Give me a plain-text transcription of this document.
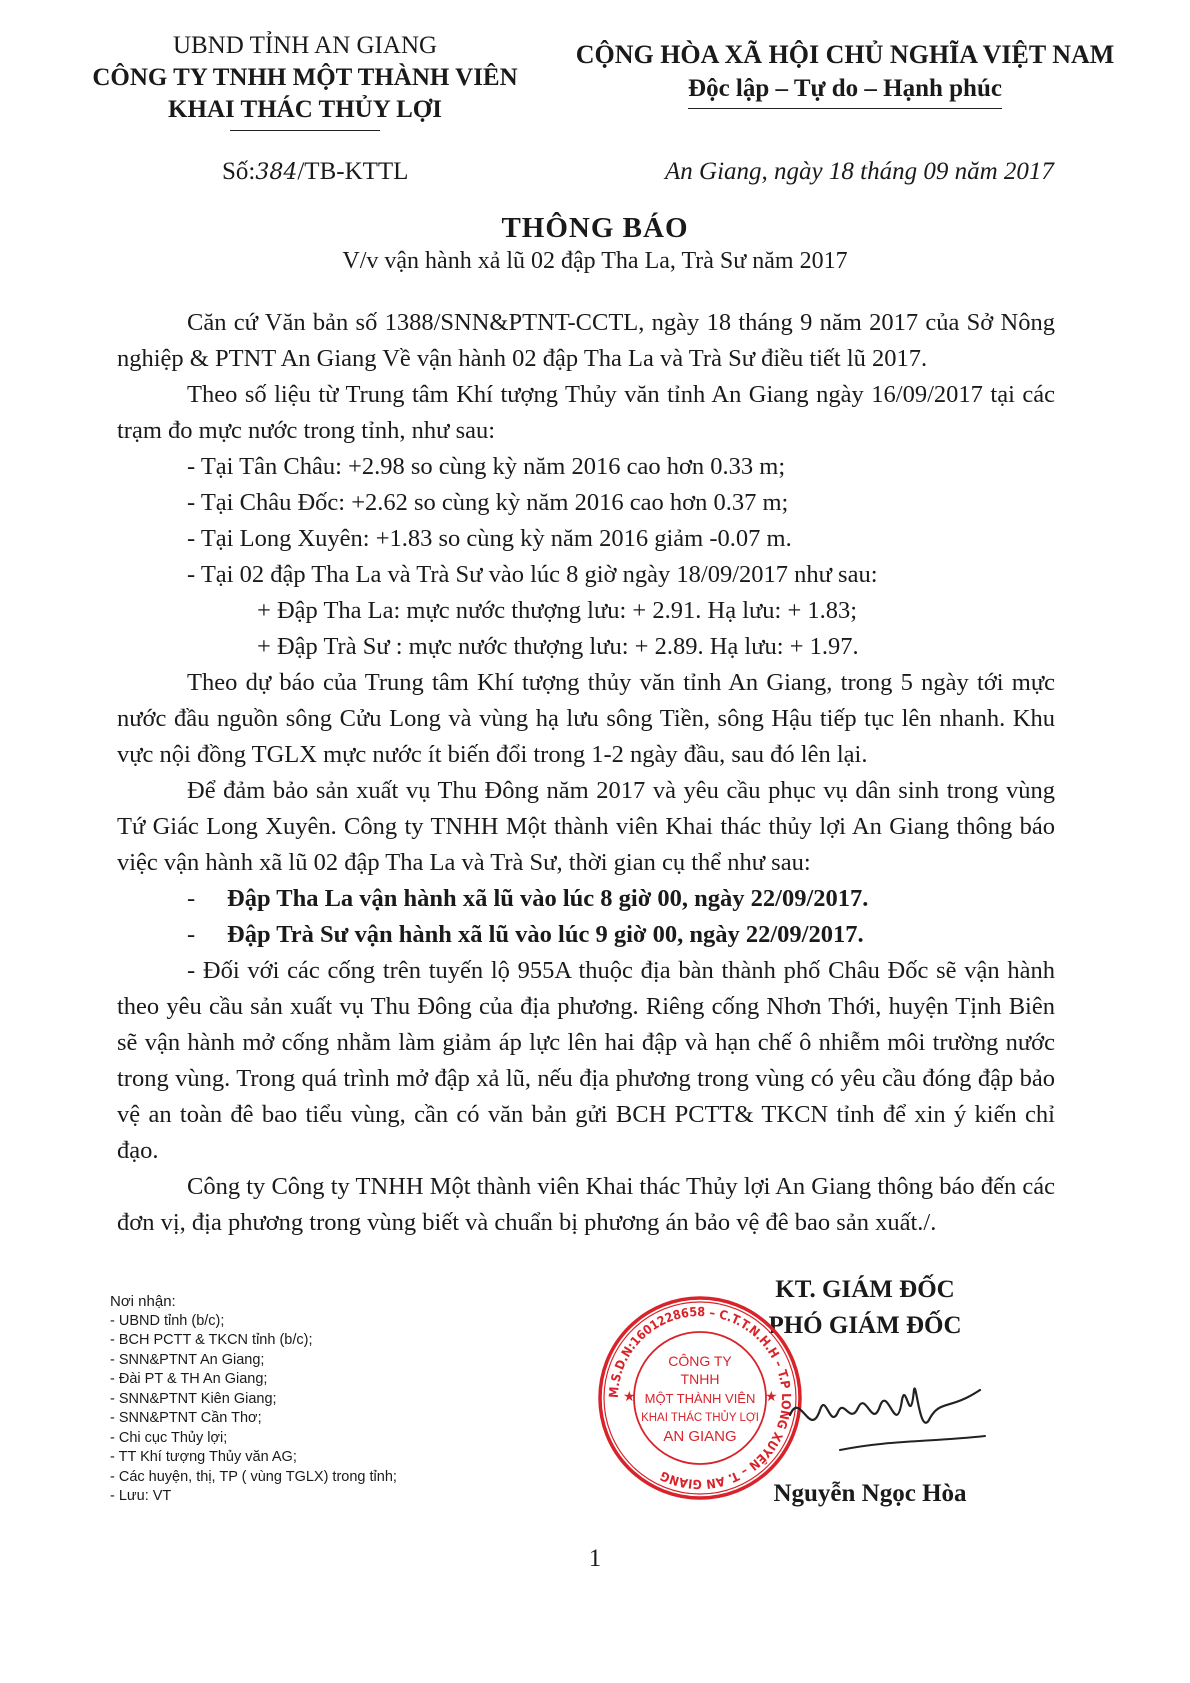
UBND TỈNH AN GIANG
CÔNG TY TNHH MỘT THÀNH VIÊN
KHAI THÁC THỦY LỢI
CỘNG HÒA XÃ HỘI CHỦ NGHĨA VIỆT NAM
Độc lập – Tự do – Hạnh phúc
Số:384/TB-KTTL	An Giang, ngày 18 tháng 09 năm 2017
THÔNG BÁO
V/v vận hành xả lũ 02 đập Tha La, Trà Sư năm 2017

Căn cứ Văn bản số 1388/SNN&PTNT-CCTL, ngày 18 tháng 9 năm 2017 của Sở Nông nghiệp & PTNT An Giang Về vận hành 02 đập Tha La và Trà Sư điều tiết lũ 2017.

Theo số liệu từ Trung tâm Khí tượng Thủy văn tỉnh An Giang ngày 16/09/2017 tại các trạm đo mực nước trong tỉnh, như sau:

- Tại Tân Châu: +2.98 so cùng kỳ năm 2016 cao hơn 0.33 m;

- Tại Châu Đốc: +2.62 so cùng kỳ năm 2016 cao hơn 0.37 m;

- Tại Long Xuyên: +1.83 so cùng kỳ năm 2016 giảm -0.07 m.

- Tại 02 đập Tha La và Trà Sư vào lúc 8 giờ ngày 18/09/2017 như sau:

+ Đập Tha La: mực nước thượng lưu: + 2.91. Hạ lưu: + 1.83;

+ Đập Trà Sư : mực nước thượng lưu: + 2.89. Hạ lưu: + 1.97.

Theo dự báo của Trung tâm Khí tượng thủy văn tỉnh An Giang, trong 5 ngày tới mực nước đầu nguồn sông Cửu Long và vùng hạ lưu sông Tiền, sông Hậu tiếp tục lên nhanh. Khu vực nội đồng TGLX mực nước ít biến đổi trong 1-2 ngày đầu, sau đó lên lại.

Để đảm bảo sản xuất vụ Thu Đông năm 2017 và yêu cầu phục vụ dân sinh trong vùng Tứ Giác Long Xuyên. Công ty TNHH Một thành viên Khai thác thủy lợi An Giang thông báo việc vận hành xã lũ 02 đập Tha La và Trà Sư, thời gian cụ thể như sau:

- Đập Tha La vận hành xã lũ vào lúc 8 giờ 00, ngày 22/09/2017.

- Đập Trà Sư vận hành xã lũ vào lúc 9 giờ 00, ngày 22/09/2017.

- Đối với các cống trên tuyến lộ 955A thuộc địa bàn thành phố Châu Đốc sẽ vận hành theo yêu cầu sản xuất vụ Thu Đông của địa phương. Riêng cống Nhơn Thới, huyện Tịnh Biên sẽ vận hành mở cống nhằm làm giảm áp lực lên hai đập và hạn chế ô nhiễm môi trường nước trong vùng. Trong quá trình mở đập xả lũ, nếu địa phương trong vùng có yêu cầu đóng đập bảo vệ an toàn đê bao tiểu vùng, cần có văn bản gửi BCH PCTT& TKCN tỉnh để xin ý kiến chỉ đạo.

Công ty Công ty TNHH Một thành viên Khai thác Thủy lợi An Giang thông báo đến các đơn vị, địa phương trong vùng biết và chuẩn bị phương án bảo vệ đê bao sản xuất./.

Nơi nhận:
- UBND tỉnh (b/c);
- BCH PCTT & TKCN tỉnh (b/c);
- SNN&PTNT An Giang;
- Đài PT & TH An Giang;
- SNN&PTNT Kiên Giang;
- SNN&PTNT Cần Thơ;
- Chi cục Thủy lợi;
- TT Khí tượng Thủy văn AG;
- Các huyện, thị, TP ( vùng TGLX) trong tỉnh;
- Lưu: VT
KT. GIÁM ĐỐC
PHÓ GIÁM ĐỐC
Nguyễn Ngọc Hòa
M.S.D.N:1601228658 – C.T.T.N.H.H – T.P LONG XUYÊN – T. AN GIANG
CÔNG TY
TNHH
MỘT THÀNH VIÊN
KHAI THÁC THỦY LỢI
AN GIANG
★	★
1
